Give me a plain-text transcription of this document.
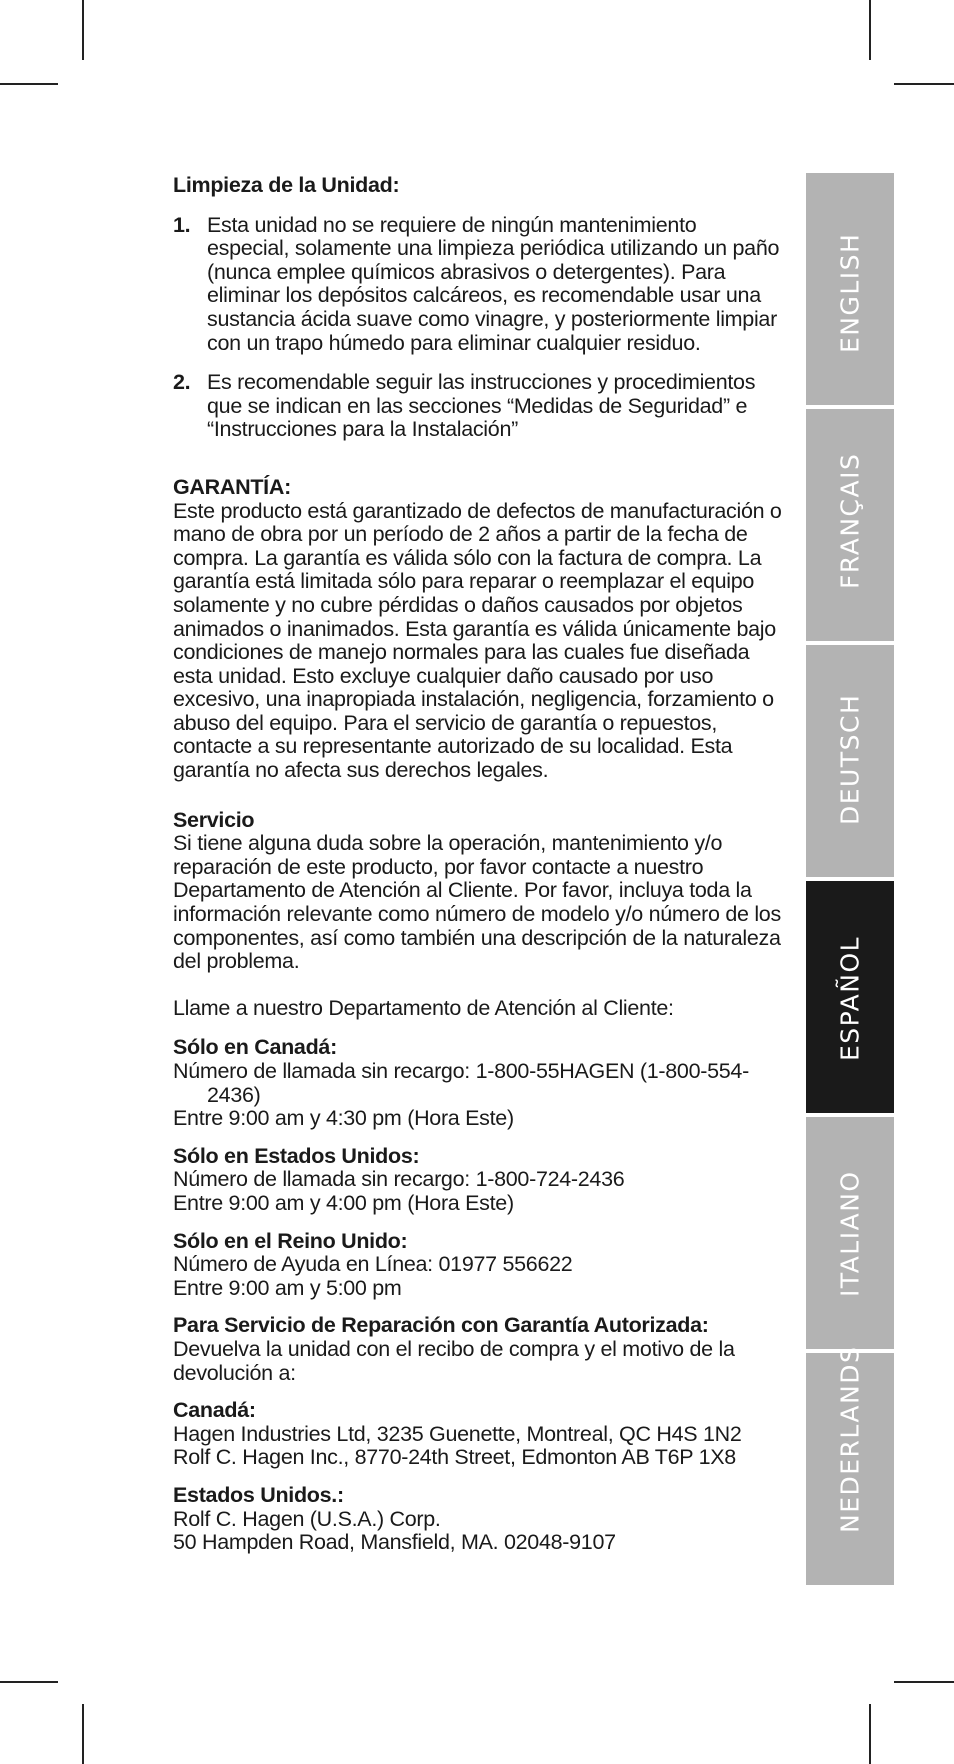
Limpieza de la Unidad:

1. Esta unidad no se requiere de ningún mantenimiento especial, solamente una limpieza periódica utilizando un paño (nunca emplee químicos abrasivos o detergentes). Para eliminar los depósitos calcáreos, es recomendable usar una sustancia ácida suave como vinagre, y posteriormente limpiar con un trapo húmedo para eliminar cualquier residuo.
2. Es recomendable seguir las instrucciones y procedimientos que se indican en las secciones “Medidas de Seguridad” e “Instrucciones para la Instalación”

GARANTÍA:

Este producto está garantizado de defectos de manufacturación o mano de obra por un período de 2 años a partir de la fecha de compra. La garantía es válida sólo con la factura de compra. La garantía está limitada sólo para reparar o reemplazar el equipo solamente y no cubre pérdidas o daños causados por objetos animados o inanimados. Esta garantía es válida únicamente bajo condiciones de manejo normales para las cuales fue diseñada esta unidad. Esto excluye cualquier daño causado por uso excesivo, una inapropiada instalación, negligencia, forzamiento o abuso del equipo. Para el servicio de garantía o repuestos, contacte a su representante autorizado de su localidad. Esta garantía no afecta sus derechos legales.

Servicio

Si tiene alguna duda sobre la operación, mantenimiento y/o reparación de este producto, por favor contacte a nuestro Departamento de Atención al Cliente. Por favor, incluya toda la información relevante como número de modelo y/o número de los componentes, así como también una descripción de la naturaleza del problema.

Llame a nuestro Departamento de Atención al Cliente:

Sólo en Canadá:

Número de llamada sin recargo: 1-800-55HAGEN (1-800-554-
2436)

Entre 9:00 am y 4:30 pm (Hora Este)

Sólo en Estados Unidos:

Número de llamada sin recargo: 1-800-724-2436

Entre 9:00 am y 4:00 pm (Hora Este)

Sólo en el Reino Unido:

Número de Ayuda en Línea: 01977 556622

Entre 9:00 am y 5:00 pm

Para Servicio de Reparación con Garantía Autorizada:

Devuelva la unidad con el recibo de compra y el motivo de la devolución a:

Canadá:

Hagen Industries Ltd, 3235 Guenette, Montreal, QC H4S 1N2

Rolf C. Hagen Inc., 8770-24th Street, Edmonton AB T6P 1X8

Estados Unidos.:

Rolf C. Hagen (U.S.A.) Corp.

50 Hampden Road, Mansfield, MA. 02048-9107

ENGLISH
FRANÇAIS
DEUTSCH
ESPAÑOL
ITALIANO
NEDERLANDS
